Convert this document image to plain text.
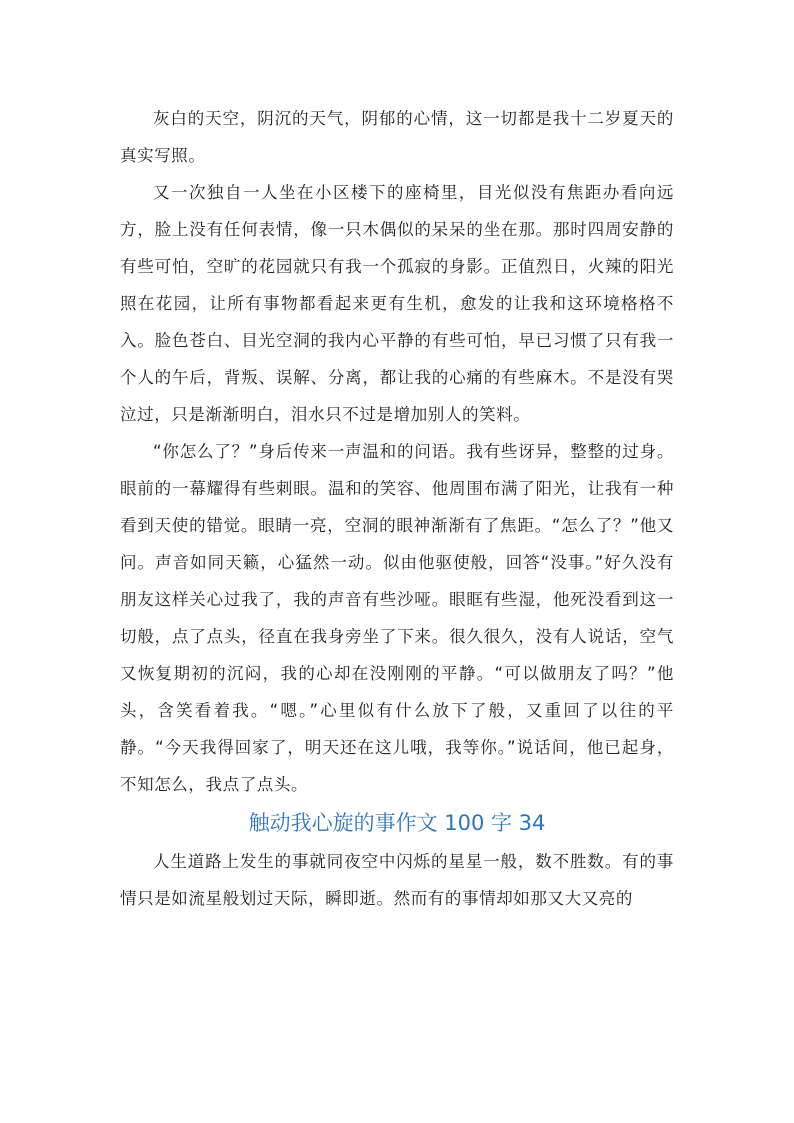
灰白的天空，阴沉的天气，阴郁的心情，这一切都是我十二岁夏天的真实写照。

又一次独自一人坐在小区楼下的座椅里，目光似没有焦距办看向远方，脸上没有任何表情，像一只木偶似的呆呆的坐在那。那时四周安静的有些可怕，空旷的花园就只有我一个孤寂的身影。正值烈日，火辣的阳光照在花园，让所有事物都看起来更有生机，愈发的让我和这环境格格不入。脸色苍白、目光空洞的我内心平静的有些可怕，早已习惯了只有我一个人的午后，背叛、误解、分离，都让我的心痛的有些麻木。不是没有哭泣过，只是渐渐明白，泪水只不过是增加别人的笑料。

“你怎么了？”身后传来一声温和的问语。我有些讶异，整整的过身。眼前的一幕耀得有些刺眼。温和的笑容、他周围布满了阳光，让我有一种看到天使的错觉。眼睛一亮，空洞的眼神渐渐有了焦距。“怎么了？”他又问。声音如同天籁，心猛然一动。似由他驱使般，回答“没事。”好久没有朋友这样关心过我了，我的声音有些沙哑。眼眶有些湿，他死没看到这一切般，点了点头，径直在我身旁坐了下来。很久很久，没有人说话，空气又恢复期初的沉闷，我的心却在没刚刚的平静。“可以做朋友了吗？”他头，含笑看着我。“嗯。”心里似有什么放下了般，又重回了以往的平静。“今天我得回家了，明天还在这儿哦，我等你。”说话间，他已起身，不知怎么，我点了点头。

触动我心旋的事作文 100 字 34

人生道路上发生的事就同夜空中闪烁的星星一般，数不胜数。有的事情只是如流星般划过天际，瞬即逝。然而有的事情却如那又大又亮的
